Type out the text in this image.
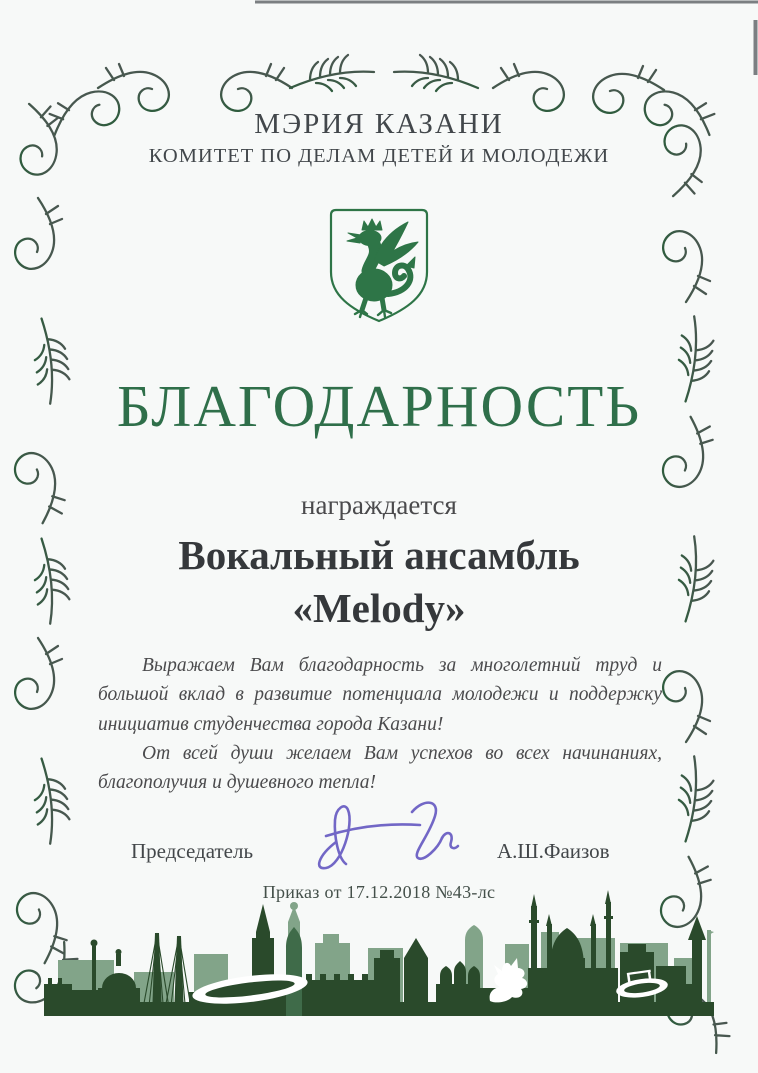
МЭРИЯ КАЗАНИ
КОМИТЕТ ПО ДЕЛАМ ДЕТЕЙ И МОЛОДЕЖИ
БЛАГОДАРНОСТЬ
награждается
Вокальный ансамбль
«Melody»

Выражаем Вам благодарность за многолетний труд и большой вклад в развитие потенциала молодежи и поддержку инициатив студенчества города Казани!

От всей души желаем Вам успехов во всех начинаниях, благополучия и душевного тепла!

Председатель	А.Ш.Фаизов
Приказ от 17.12.2018 №43-лс
